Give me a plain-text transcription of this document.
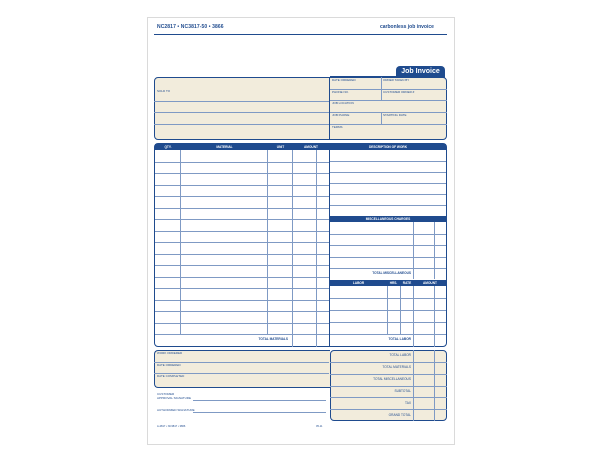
NC2817 • NC3817-50 • 3866	carbonless job invoice
Job Invoice
SOLD TO
DATE ORDERED	ORDER TAKEN BY
PHONE NO.	CUSTOMER ORDER #
JOB LOCATION
JOB PHONE	STARTING DATE
TERMS
QTY.	MATERIAL	UNIT	AMOUNT
TOTAL MATERIALS
DESCRIPTION OF WORK
MISCELLANEOUS CHARGES
TOTAL MISCELLANEOUS
LABOR	HRS.	RATE	AMOUNT
TOTAL LABOR
WORK ORDERED
DATE ORDERED
DATE COMPLETED
CUSTOMER
APPROVAL SIGNATURE
AUTHORIZED SIGNATURE
TOTAL LABOR
TOTAL MATERIALS
TOTAL MISCELLANEOUS
SUBTOTAL
TAX
GRAND TOTAL
A-2817 • NC3817 • 3866	05-11
